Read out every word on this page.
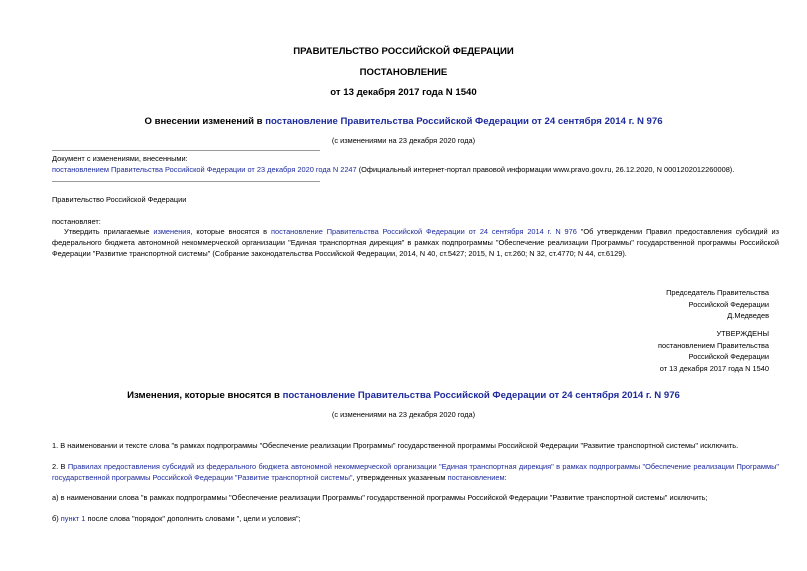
ПРАВИТЕЛЬСТВО РОССИЙСКОЙ ФЕДЕРАЦИИ
ПОСТАНОВЛЕНИЕ
от 13 декабря 2017 года N 1540
О внесении изменений в постановление Правительства Российской Федерации от 24 сентября 2014 г. N 976
(с изменениями на 23 декабря 2020 года)
Документ с изменениями, внесенными:
постановлением Правительства Российской Федерации от 23 декабря 2020 года N 2247 (Официальный интернет-портал правовой информации www.pravo.gov.ru, 26.12.2020, N 0001202012260008).
Правительство Российской Федерации
постановляет:
Утвердить прилагаемые изменения, которые вносятся в постановление Правительства Российской Федерации от 24 сентября 2014 г. N 976 "Об утверждении Правил предоставления субсидий из федерального бюджета автономной некоммерческой организации "Единая транспортная дирекция" в рамках подпрограммы "Обеспечение реализации Программы" государственной программы Российской Федерации "Развитие транспортной системы" (Собрание законодательства Российской Федерации, 2014, N 40, ст.5427; 2015, N 1, ст.260; N 32, ст.4770; N 44, ст.6129).
Председатель Правительства
Российской Федерации
Д.Медведев
УТВЕРЖДЕНЫ
постановлением Правительства
Российской Федерации
от 13 декабря 2017 года N 1540
Изменения, которые вносятся в постановление Правительства Российской Федерации от 24 сентября 2014 г. N 976
(с изменениями на 23 декабря 2020 года)
1. В наименовании и тексте слова "в рамках подпрограммы "Обеспечение реализации Программы" государственной программы Российской Федерации "Развитие транспортной системы" исключить.
2. В Правилах предоставления субсидий из федерального бюджета автономной некоммерческой организации "Единая транспортная дирекция" в рамках подпрограммы "Обеспечение реализации Программы" государственной программы Российской Федерации "Развитие транспортной системы", утвержденных указанным постановлением:
а) в наименовании слова "в рамках подпрограммы "Обеспечение реализации Программы" государственной программы Российской Федерации "Развитие транспортной системы" исключить;
б) пункт 1 после слова "порядок" дополнить словами ", цели и условия";
